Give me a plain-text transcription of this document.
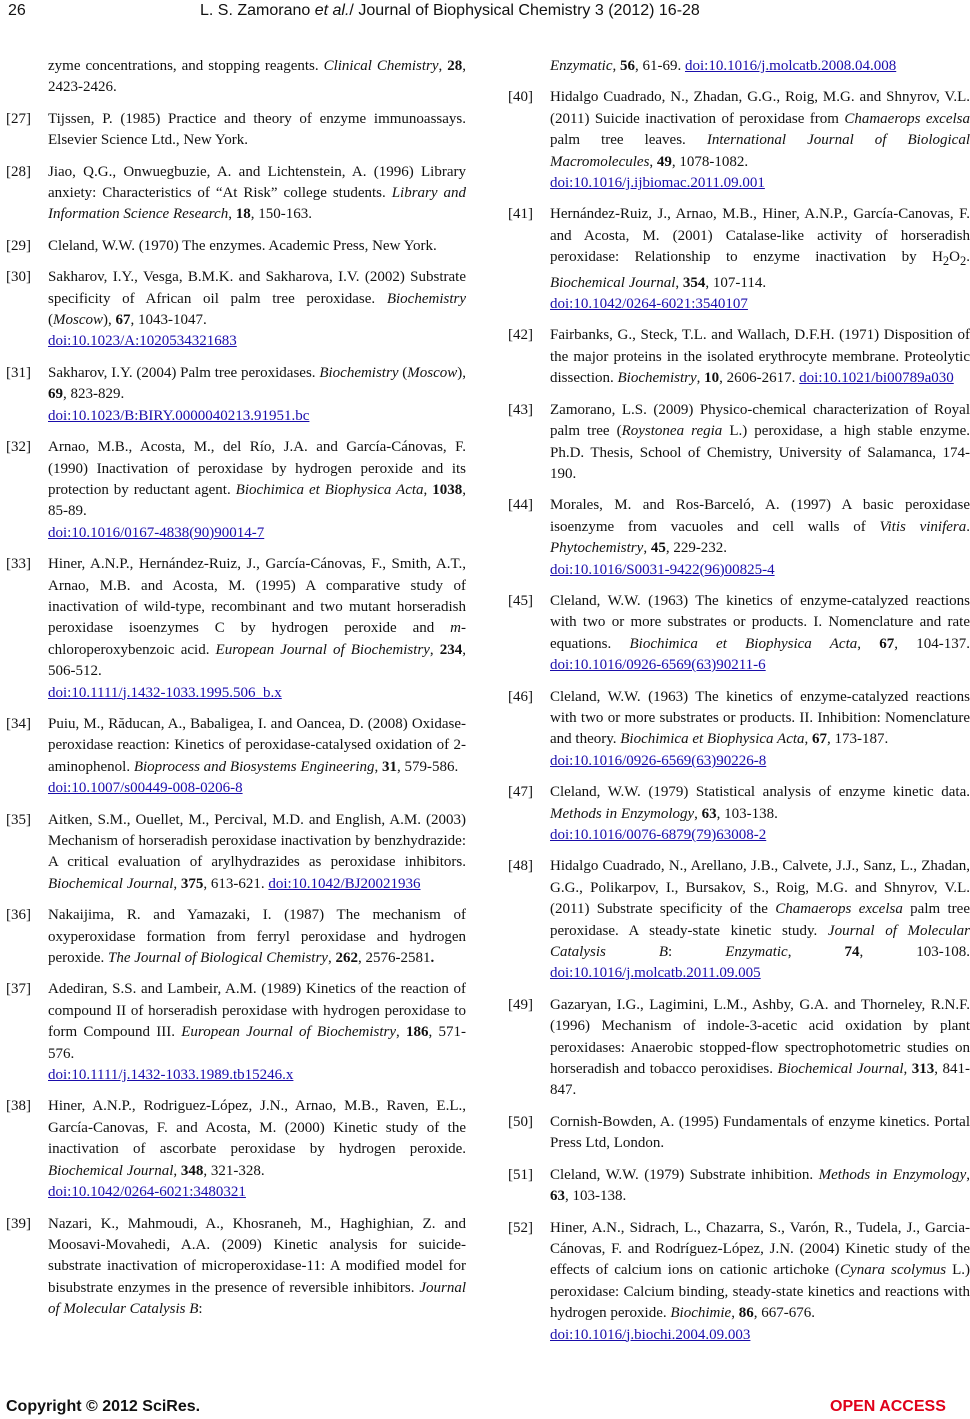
26	L. S. Zamorano et al./ Journal of Biophysical Chemistry 3 (2012) 16-28
zyme concentrations, and stopping reagents. Clinical Chemistry, 28, 2423-2426.
[27]	Tijssen, P. (1985) Practice and theory of enzyme immunoassays. Elsevier Science Ltd., New York.
[28]	Jiao, Q.G., Onwuegbuzie, A. and Lichtenstein, A. (1996) Library anxiety: Characteristics of “At Risk” college students. Library and Information Science Research, 18, 150-163.
[29]	Cleland, W.W. (1970) The enzymes. Academic Press, New York.
[30]	Sakharov, I.Y., Vesga, B.M.K. and Sakharova, I.V. (2002) Substrate specificity of African oil palm tree peroxidase. Biochemistry (Moscow), 67, 1043-1047.
doi:10.1023/A:1020534321683
[31]	Sakharov, I.Y. (2004) Palm tree peroxidases. Biochemistry (Moscow), 69, 823-829.
doi:10.1023/B:BIRY.0000040213.91951.bc
[32]	Arnao, M.B., Acosta, M., del Río, J.A. and García-Cánovas, F. (1990) Inactivation of peroxidase by hydrogen peroxide and its protection by reductant agent. Biochimica et Biophysica Acta, 1038, 85-89.
doi:10.1016/0167-4838(90)90014-7
[33]	Hiner, A.N.P., Hernández-Ruiz, J., García-Cánovas, F., Smith, A.T., Arnao, M.B. and Acosta, M. (1995) A comparative study of inactivation of wild-type, recombinant and two mutant horseradish peroxidase isoenzymes C by hydrogen peroxide and m-chloroperoxybenzoic acid. European Journal of Biochemistry, 234, 506-512.
doi:10.1111/j.1432-1033.1995.506_b.x
[34]	Puiu, M., Răducan, A., Babaligea, I. and Oancea, D. (2008) Oxidase-peroxidase reaction: Kinetics of peroxidase-catalysed oxidation of 2-aminophenol. Bioprocess and Biosystems Engineering, 31, 579-586.
doi:10.1007/s00449-008-0206-8
[35]	Aitken, S.M., Ouellet, M., Percival, M.D. and English, A.M. (2003) Mechanism of horseradish peroxidase inactivation by benzhydrazide: A critical evaluation of arylhydrazides as peroxidase inhibitors. Biochemical Journal, 375, 613-621. doi:10.1042/BJ20021936
[36]	Nakaijima, R. and Yamazaki, I. (1987) The mechanism of oxyperoxidase formation from ferryl peroxidase and hydrogen peroxide. The Journal of Biological Chemistry, 262, 2576-2581.
[37]	Adediran, S.S. and Lambeir, A.M. (1989) Kinetics of the reaction of compound II of horseradish peroxidase with hydrogen peroxidase to form Compound III. European Journal of Biochemistry, 186, 571-576.
doi:10.1111/j.1432-1033.1989.tb15246.x
[38]	Hiner, A.N.P., Rodriguez-López, J.N., Arnao, M.B., Raven, E.L., García-Canovas, F. and Acosta, M. (2000) Kinetic study of the inactivation of ascorbate peroxidase by hydrogen peroxide. Biochemical Journal, 348, 321-328.
doi:10.1042/0264-6021:3480321
[39]	Nazari, K., Mahmoudi, A., Khosraneh, M., Haghighian, Z. and Moosavi-Movahedi, A.A. (2009) Kinetic analysis for suicide-substrate inactivation of microperoxidase-11: A modified model for bisubstrate enzymes in the presence of reversible inhibitors. Journal of Molecular Catalysis B:
Enzymatic, 56, 61-69. doi:10.1016/j.molcatb.2008.04.008
[40]	Hidalgo Cuadrado, N., Zhadan, G.G., Roig, M.G. and Shnyrov, V.L. (2011) Suicide inactivation of peroxidase from Chamaerops excelsa palm tree leaves. International Journal of Biological Macromolecules, 49, 1078-1082.
doi:10.1016/j.ijbiomac.2011.09.001
[41]	Hernández-Ruiz, J., Arnao, M.B., Hiner, A.N.P., García-Canovas, F. and Acosta, M. (2001) Catalase-like activity of horseradish peroxidase: Relationship to enzyme inactivation by $H_2O_2$. Biochemical Journal, 354, 107-114.
doi:10.1042/0264-6021:3540107
[42]	Fairbanks, G., Steck, T.L. and Wallach, D.F.H. (1971) Disposition of the major proteins in the isolated erythrocyte membrane. Proteolytic dissection. Biochemistry, 10, 2606-2617. doi:10.1021/bi00789a030
[43]	Zamorano, L.S. (2009) Physico-chemical characterization of Royal palm tree (Roystonea regia L.) peroxidase, a high stable enzyme. Ph.D. Thesis, School of Chemistry, University of Salamanca, 174-190.
[44]	Morales, M. and Ros-Barceló, A. (1997) A basic peroxidase isoenzyme from vacuoles and cell walls of Vitis vinifera. Phytochemistry, 45, 229-232.
doi:10.1016/S0031-9422(96)00825-4
[45]	Cleland, W.W. (1963) The kinetics of enzyme-catalyzed reactions with two or more substrates or products. I. Nomenclature and rate equations. Biochimica et Biophysica Acta, 67, 104-137. doi:10.1016/0926-6569(63)90211-6
[46]	Cleland, W.W. (1963) The kinetics of enzyme-catalyzed reactions with two or more substrates or products. II. Inhibition: Nomenclature and theory. Biochimica et Biophysica Acta, 67, 173-187.
doi:10.1016/0926-6569(63)90226-8
[47]	Cleland, W.W. (1979) Statistical analysis of enzyme kinetic data. Methods in Enzymology, 63, 103-138.
doi:10.1016/0076-6879(79)63008-2
[48]	Hidalgo Cuadrado, N., Arellano, J.B., Calvete, J.J., Sanz, L., Zhadan, G.G., Polikarpov, I., Bursakov, S., Roig, M.G. and Shnyrov, V.L. (2011) Substrate specificity of the Chamaerops excelsa palm tree peroxidase. A steady-state kinetic study. Journal of Molecular Catalysis B: Enzymatic, 74, 103-108. doi:10.1016/j.molcatb.2011.09.005
[49]	Gazaryan, I.G., Lagimini, L.M., Ashby, G.A. and Thorneley, R.N.F. (1996) Mechanism of indole-3-acetic acid oxidation by plant peroxidases: Anaerobic stopped-flow spectrophotometric studies on horseradish and tobacco peroxidises. Biochemical Journal, 313, 841-847.
[50]	Cornish-Bowden, A. (1995) Fundamentals of enzyme kinetics. Portal Press Ltd, London.
[51]	Cleland, W.W. (1979) Substrate inhibition. Methods in Enzymology, 63, 103-138.
[52]	Hiner, A.N., Sidrach, L., Chazarra, S., Varón, R., Tudela, J., Garcia-Cánovas, F. and Rodríguez-López, J.N. (2004) Kinetic study of the effects of calcium ions on cationic artichoke (Cynara scolymus L.) peroxidase: Calcium binding, steady-state kinetics and reactions with hydrogen peroxide. Biochimie, 86, 667-676.
doi:10.1016/j.biochi.2004.09.003
Copyright © 2012 SciRes.	OPEN ACCESS
